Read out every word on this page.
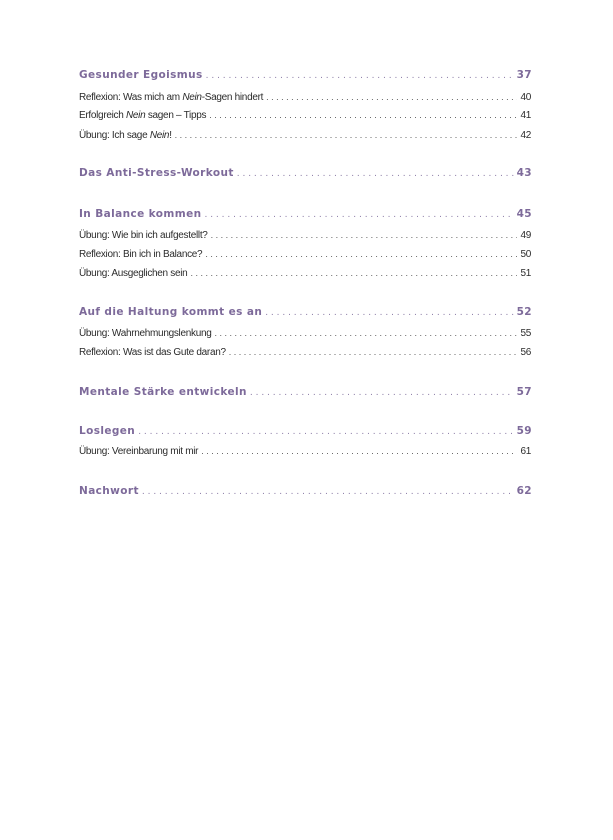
Gesunder Egoismus . . .	37
Reflexion: Was mich am Nein-Sagen hindert . . .	40
Erfolgreich Nein sagen – Tipps . . .	41
Übung: Ich sage Nein! . . .	42
Das Anti-Stress-Workout . . .	43
In Balance kommen . . .	45
Übung: Wie bin ich aufgestellt? . . .	49
Reflexion: Bin ich in Balance? . . .	50
Übung: Ausgeglichen sein . . .	51
Auf die Haltung kommt es an . . .	52
Übung: Wahrnehmungslenkung . . .	55
Reflexion: Was ist das Gute daran? . . .	56
Mentale Stärke entwickeln . . .	57
Loslegen . . .	59
Übung: Vereinbarung mit mir . . .	61
Nachwort . . .	62
